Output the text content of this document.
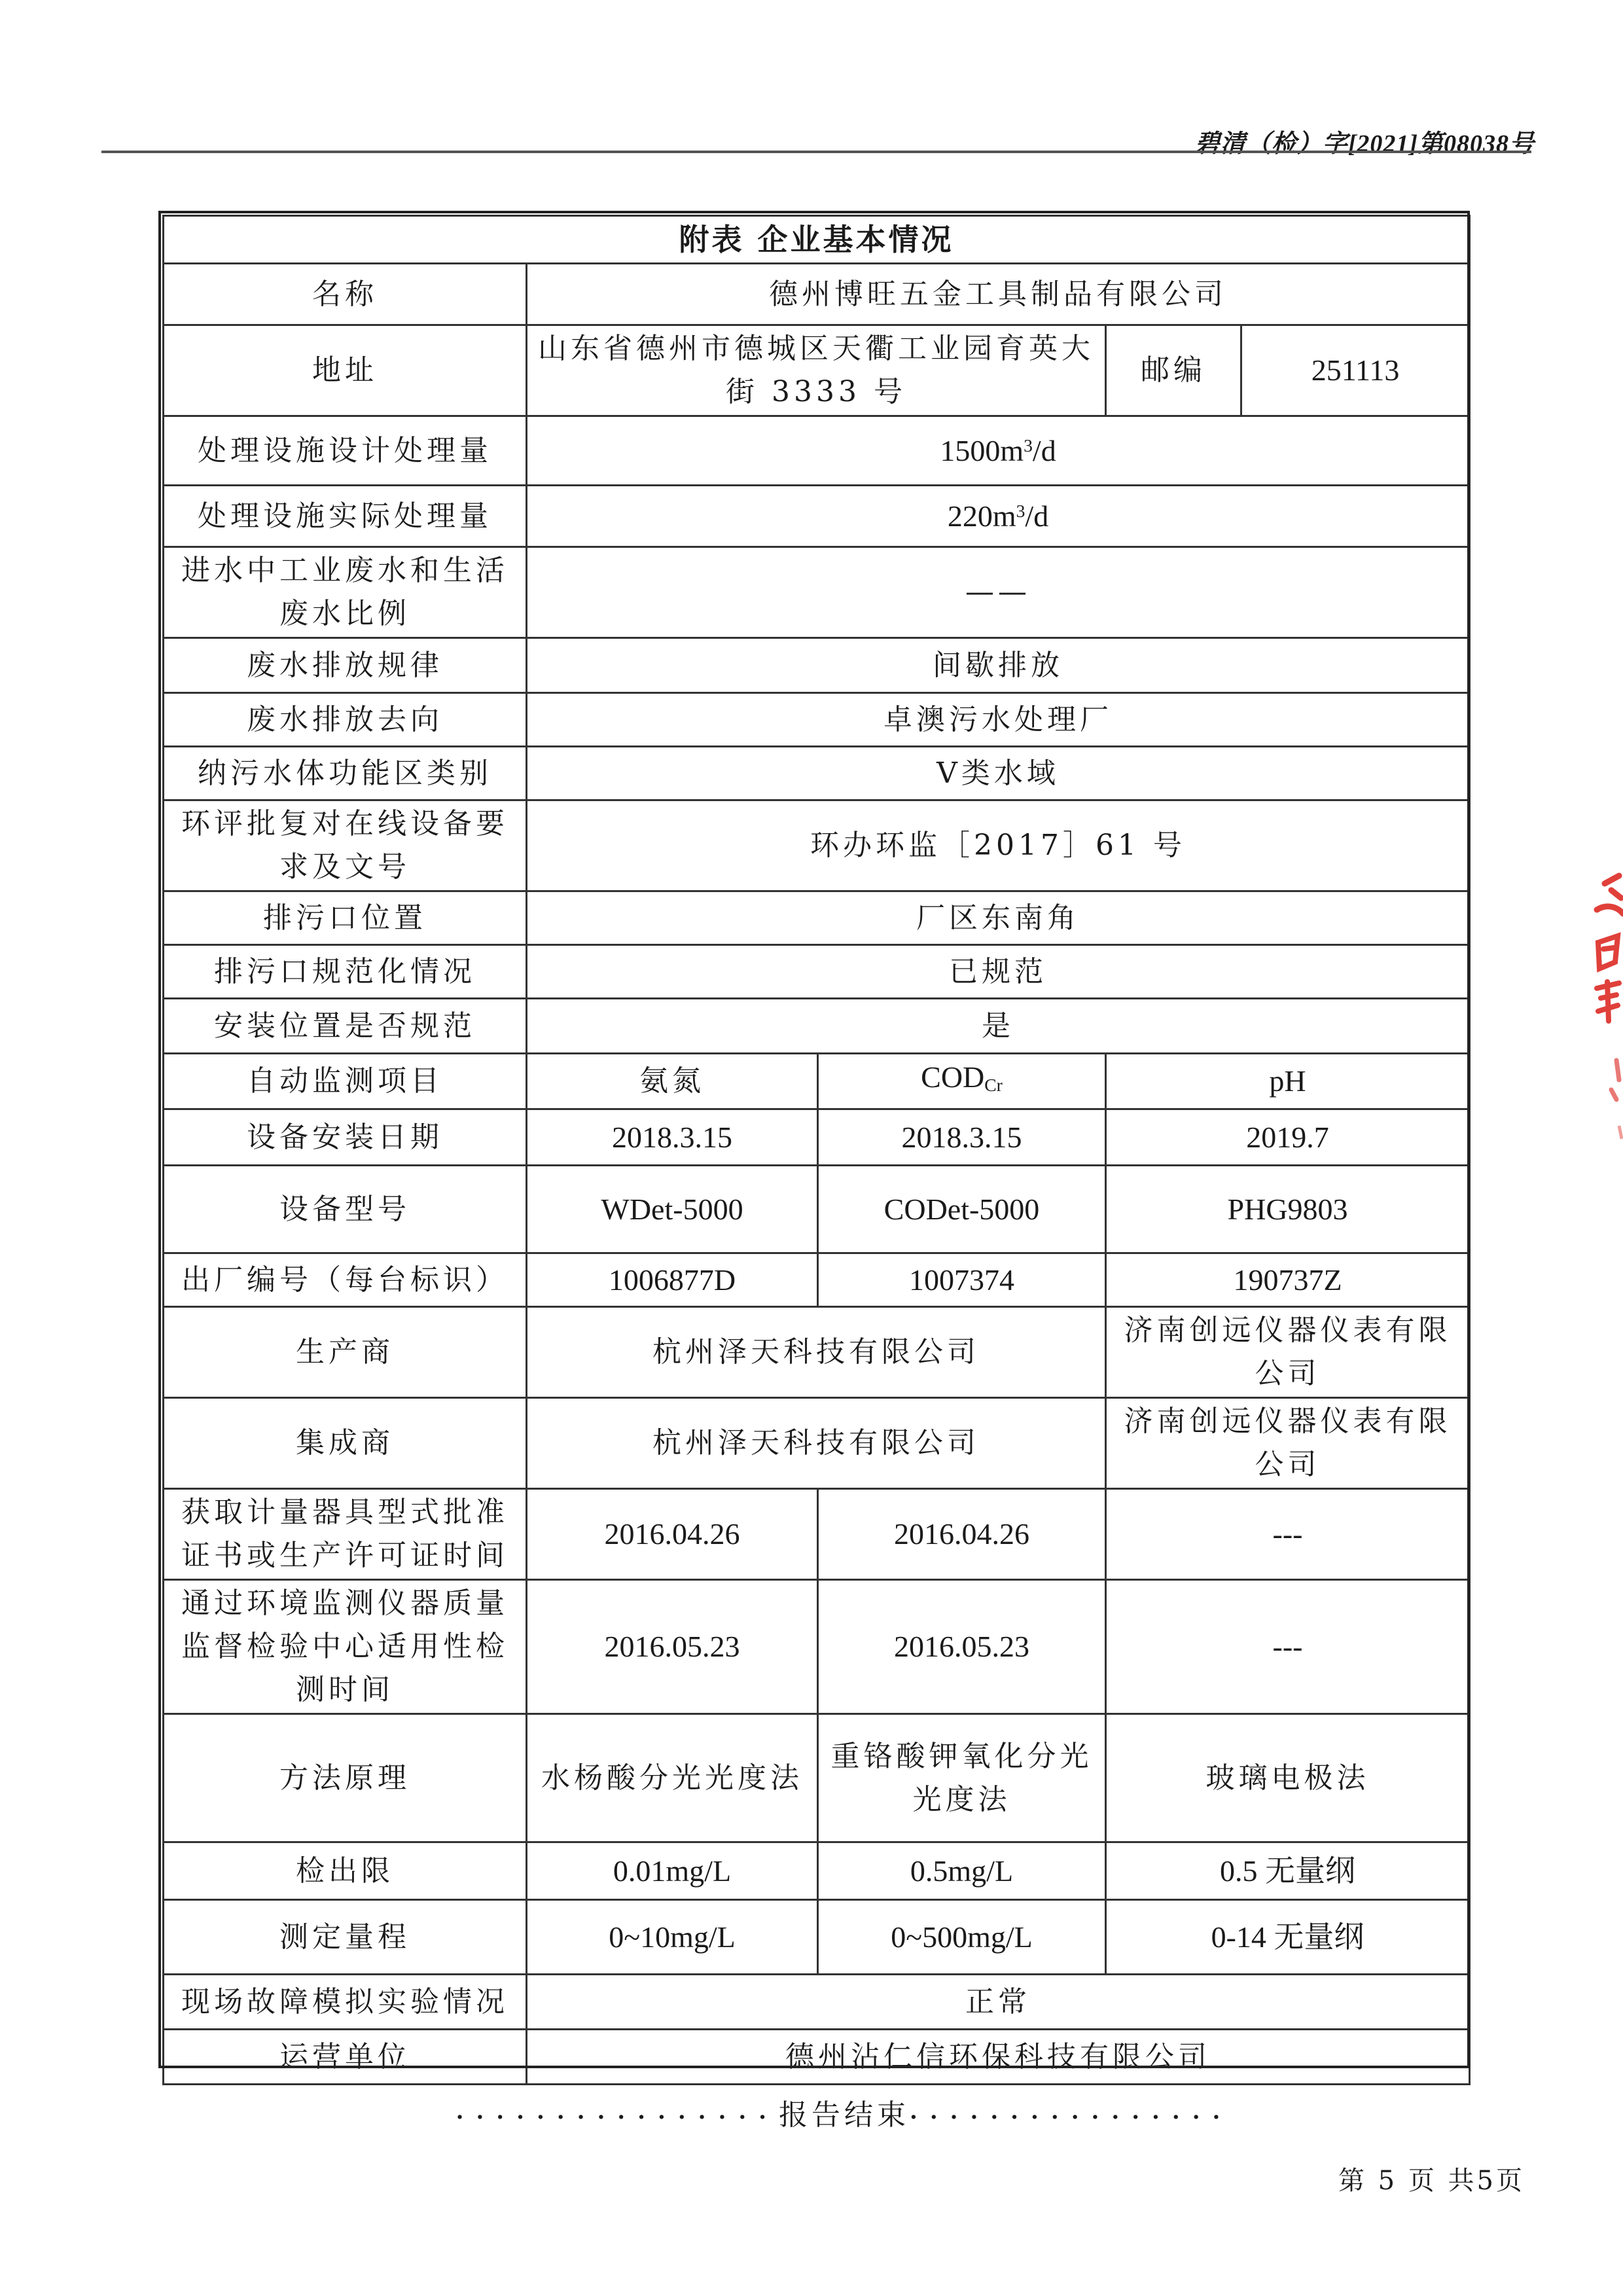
碧清（检）字[2021]第08038号
附表 企业基本情况				
名称	德州博旺五金工具制品有限公司			
地址	山东省德州市德城区天衢工业园育英大街 3333 号		邮编	251113
处理设施设计处理量	$1500m^3/d$			
处理设施实际处理量	$220m^3/d$			
进水中工业废水和生活废水比例	——			
废水排放规律	间歇排放			
废水排放去向	卓澳污水处理厂			
纳污水体功能区类别	Ⅴ类水域			
环评批复对在线设备要求及文号	环办环监［2017］61 号			
排污口位置	厂区东南角			
排污口规范化情况	已规范			
安装位置是否规范	是			
自动监测项目	氨氮	$COD_{Cr}$	pH	
设备安装日期	2018.3.15	2018.3.15	2019.7	
设备型号	WDet-5000	CODet-5000	PHG9803	
出厂编号（每台标识）	1006877D	1007374	190737Z	
生产商	杭州泽天科技有限公司		济南创远仪器仪表有限公司	
集成商	杭州泽天科技有限公司		济南创远仪器仪表有限公司	
获取计量器具型式批准证书或生产许可证时间	2016.04.26	2016.04.26	---	
通过环境监测仪器质量监督检验中心适用性检测时间	2016.05.23	2016.05.23	---	
方法原理	水杨酸分光光度法	重铬酸钾氧化分光光度法	玻璃电极法	
检出限	0.01mg/L	0.5mg/L	0.5 无量纲	
测定量程	0~10mg/L	0~500mg/L	0-14 无量纲	
现场故障模拟实验情况	正常			
运营单位	德州沾仁信环保科技有限公司			
················报告结束················
第 5 页 共5页
